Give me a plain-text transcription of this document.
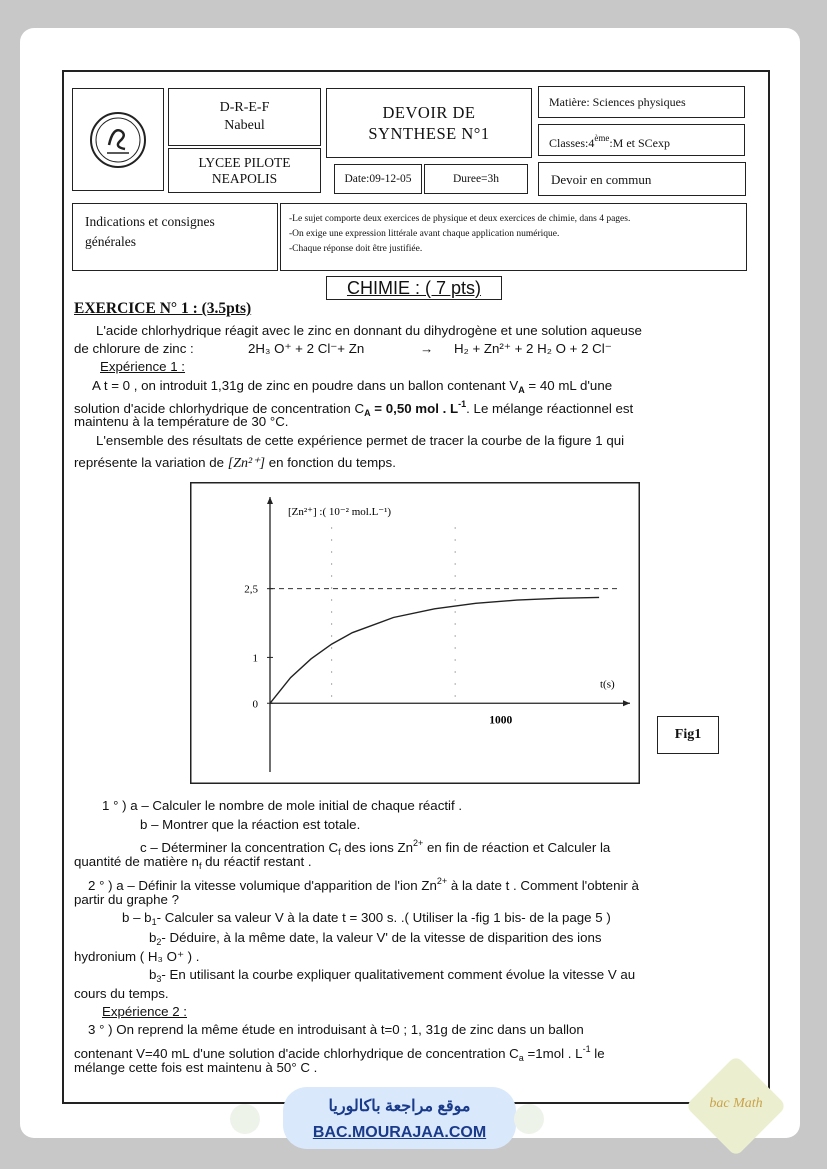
D-R-E-F
Nabeul
LYCEE PILOTE
NEAPOLIS
DEVOIR DE
SYNTHESE N°1
Date:09-12-05	Duree=3h
Matière: Sciences physiques
Classes:4ème:M et SCexp
Devoir en commun
Indications et consignes
générales
-Le sujet comporte deux exercices de physique et deux exercices de chimie, dans 4 pages.
-On exige une expression littérale avant chaque application numérique.
-Chaque réponse doit être justifiée.
CHIMIE : ( 7 pts)
EXERCICE N° 1 : (3.5pts)
L'acide chlorhydrique réagit avec le zinc en donnant du dihydrogène et une solution aqueuse
de chlorure de zinc :	2H₃ O⁺ + 2 Cl⁻+ Zn	→ H₂ + Zn²⁺ + 2 H₂ O + 2 Cl⁻
Expérience 1 :
A t = 0 , on introduit 1,31g de zinc en poudre dans un ballon contenant $V_A = 40$ mL d'une
solution d'acide chlorhydrique de concentration $C_A = 0,50$ mol . $L^{-1}$. Le mélange réactionnel est
maintenu à la température de 30 °C.
L'ensemble des résultats de cette expérience permet de tracer la courbe de la figure 1 qui
représente la variation de [Zn²⁺] en fonction du temps.
0
1
2,5
1000
[Zn²⁺] :( 10⁻² mol.L⁻¹)
t(s)
Fig1
1 ° ) a – Calculer le nombre de mole initial de chaque réactif .
b – Montrer que la réaction est totale.
c – Déterminer la concentration $C_f$ des ions $Zn^{2+}$ en fin de réaction et Calculer la
quantité de matière $n_f$ du réactif restant .
2 ° ) a – Définir la vitesse volumique d'apparition de l'ion $Zn^{2+}$ à la date t . Comment l'obtenir à
partir du graphe ?
b – $b_1-$ Calculer sa valeur V à la date t = 300 s. .( Utiliser la -fig 1 bis- de la page 5 )
$b_2-$ Déduire, à la même date, la valeur V' de la vitesse de disparition des ions
hydronium ( H₃ O⁺ ) .
$b_3-$ En utilisant la courbe expliquer qualitativement comment évolue la vitesse V au
cours du temps.
Expérience 2 :
3 ° ) On reprend la même étude en introduisant à t=0 ; 1, 31g de zinc dans un ballon
contenant V=40 mL d'une solution d'acide chlorhydrique de concentration $C_a =1mol$ . $L^{-1}$ le
mélange cette fois est maintenu à 50° C .
موقع مراجعة باكالوريا
BAC.MOURAJAA.COM
bac Math
